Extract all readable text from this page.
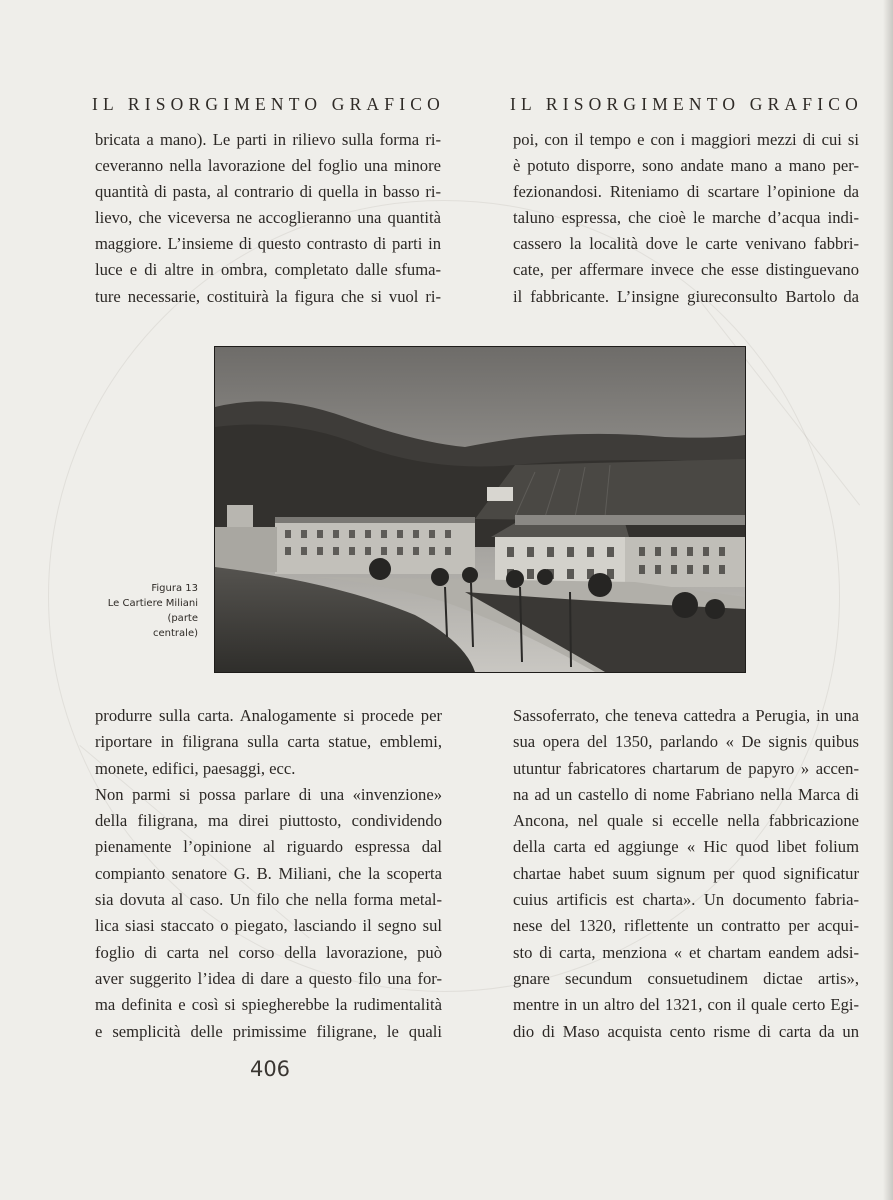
IL RISORGIMENTO GRAFICO	IL RISORGIMENTO GRAFICO
bricata a mano). Le parti in rilievo sulla forma ri-
ceveranno nella lavorazione del foglio una minore
quantità di pasta, al contrario di quella in basso ri-
lievo, che viceversa ne accoglieranno una quantità
maggiore. L’insieme di questo contrasto di parti in
luce e di altre in ombra, completato dalle sfuma-
ture necessarie, costituirà la figura che si vuol ri-
poi, con il tempo e con i maggiori mezzi di cui si
è potuto disporre, sono andate mano a mano per-
fezionandosi. Riteniamo di scartare l’opinione da
taluno espressa, che cioè le marche d’acqua indi-
cassero la località dove le carte venivano fabbri-
cate, per affermare invece che esse distinguevano
il fabbricante. L’insigne giureconsulto Bartolo da
Figura 13
Le Cartiere Miliani
(parte
centrale)
produrre sulla carta. Analogamente si procede per
riportare in filigrana sulla carta statue, emblemi,
monete, edifici, paesaggi, ecc.
Non parmi si possa parlare di una «invenzione»
della filigrana, ma direi piuttosto, condividendo
pienamente l’opinione al riguardo espressa dal
compianto senatore G. B. Miliani, che la scoperta
sia dovuta al caso. Un filo che nella forma metal-
lica siasi staccato o piegato, lasciando il segno sul
foglio di carta nel corso della lavorazione, può
aver suggerito l’idea di dare a questo filo una for-
ma definita e così si spiegherebbe la rudimentalità
e semplicità delle primissime filigrane, le quali
Sassoferrato, che teneva cattedra a Perugia, in una
sua opera del 1350, parlando « De signis quibus
utuntur fabricatores chartarum de papyro » accen-
na ad un castello di nome Fabriano nella Marca di
Ancona, nel quale si eccelle nella fabbricazione
della carta ed aggiunge « Hic quod libet folium
chartae habet suum signum per quod significatur
cuius artificis est charta». Un documento fabria-
nese del 1320, riflettente un contratto per acqui-
sto di carta, menziona « et chartam eandem adsi-
gnare secundum consuetudinem dictae artis»,
mentre in un altro del 1321, con il quale certo Egi-
dio di Maso acquista cento risme di carta da un
406
